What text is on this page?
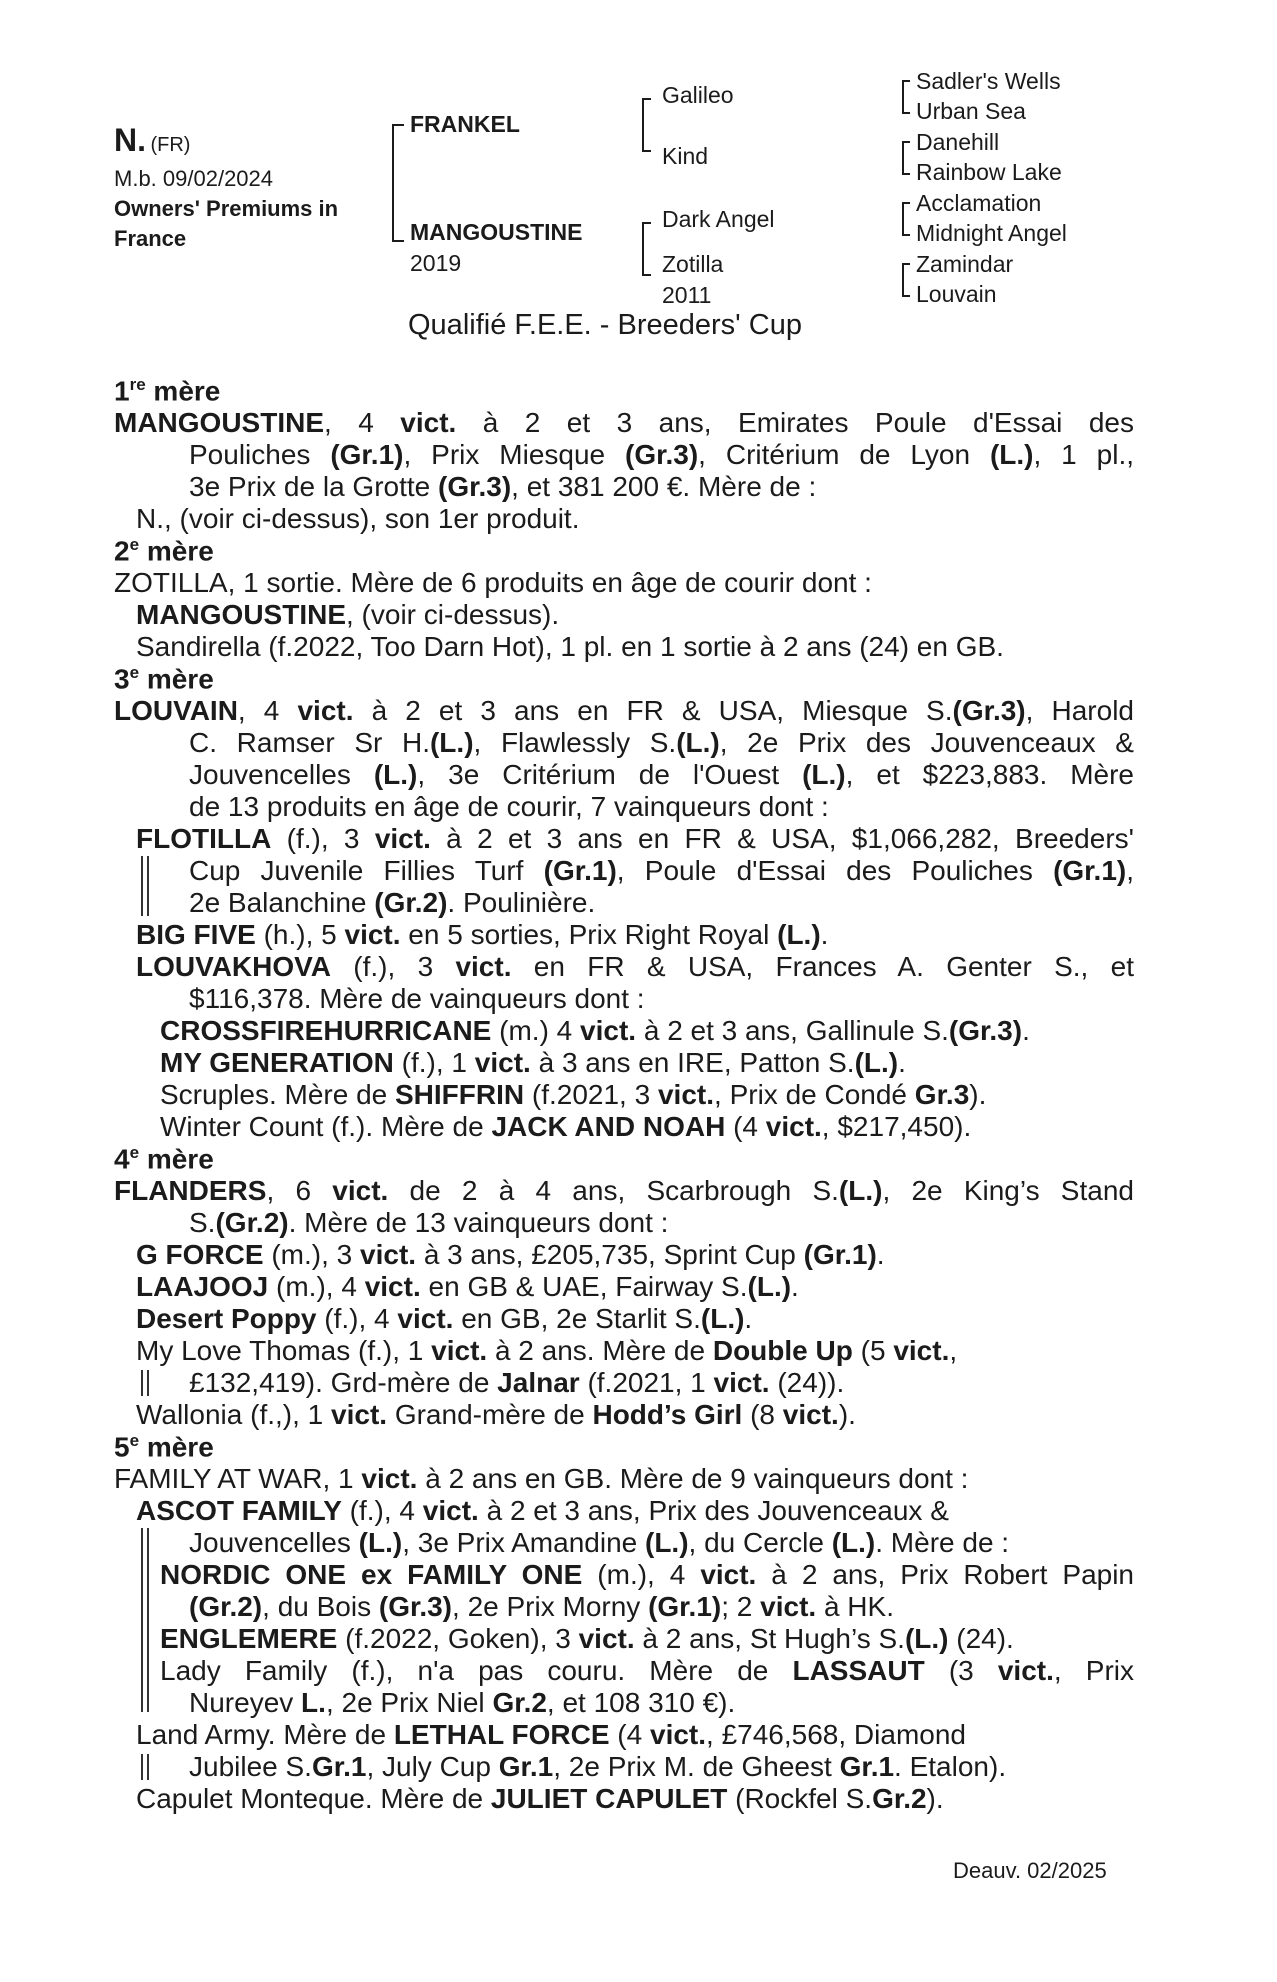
N. (FR)
M.b. 09/02/2024
Owners' Premiums in
France
FRANKEL
MANGOUSTINE
2019
Galileo
Kind
Dark Angel
Zotilla
2011
Sadler's Wells
Urban Sea
Danehill
Rainbow Lake
Acclamation
Midnight Angel
Zamindar
Louvain
Qualifié F.E.E. - Breeders' Cup
1re mère
MANGOUSTINE, 4 vict. à 2 et 3 ans, Emirates Poule d'Essai des
Pouliches (Gr.1), Prix Miesque (Gr.3), Critérium de Lyon (L.), 1 pl.,
3e Prix de la Grotte (Gr.3), et 381 200 €. Mère de :
N., (voir ci-dessus), son 1er produit.
2e mère
ZOTILLA, 1 sortie. Mère de 6 produits en âge de courir dont :
MANGOUSTINE, (voir ci-dessus).
Sandirella (f.2022, Too Darn Hot), 1 pl. en 1 sortie à 2 ans (24) en GB.
3e mère
LOUVAIN, 4 vict. à 2 et 3 ans en FR & USA, Miesque S.(Gr.3), Harold
C. Ramser Sr H.(L.), Flawlessly S.(L.), 2e Prix des Jouvenceaux &
Jouvencelles (L.), 3e Critérium de l'Ouest (L.), et $223,883. Mère
de 13 produits en âge de courir, 7 vainqueurs dont :
FLOTILLA (f.), 3 vict. à 2 et 3 ans en FR & USA, $1,066,282, Breeders'
Cup Juvenile Fillies Turf (Gr.1), Poule d'Essai des Pouliches (Gr.1),
2e Balanchine (Gr.2). Poulinière.
BIG FIVE (h.), 5 vict. en 5 sorties, Prix Right Royal (L.).
LOUVAKHOVA (f.), 3 vict. en FR & USA, Frances A. Genter S., et
$116,378. Mère de vainqueurs dont :
CROSSFIREHURRICANE (m.) 4 vict. à 2 et 3 ans, Gallinule S.(Gr.3).
MY GENERATION (f.), 1 vict. à 3 ans en IRE, Patton S.(L.).
Scruples. Mère de SHIFFRIN (f.2021, 3 vict., Prix de Condé Gr.3).
Winter Count (f.). Mère de JACK AND NOAH (4 vict., $217,450).
4e mère
FLANDERS, 6 vict. de 2 à 4 ans, Scarbrough S.(L.), 2e King’s Stand
S.(Gr.2). Mère de 13 vainqueurs dont :
G FORCE (m.), 3 vict. à 3 ans, £205,735, Sprint Cup (Gr.1).
LAAJOOJ (m.), 4 vict. en GB & UAE, Fairway S.(L.).
Desert Poppy (f.), 4 vict. en GB, 2e Starlit S.(L.).
My Love Thomas (f.), 1 vict. à 2 ans. Mère de Double Up (5 vict.,
£132,419). Grd-mère de Jalnar (f.2021, 1 vict. (24)).
Wallonia (f.,), 1 vict. Grand-mère de Hodd’s Girl (8 vict.).
5e mère
FAMILY AT WAR, 1 vict. à 2 ans en GB. Mère de 9 vainqueurs dont :
ASCOT FAMILY (f.), 4 vict. à 2 et 3 ans, Prix des Jouvenceaux &
Jouvencelles (L.), 3e Prix Amandine (L.), du Cercle (L.). Mère de :
NORDIC ONE ex FAMILY ONE (m.), 4 vict. à 2 ans, Prix Robert Papin
(Gr.2), du Bois (Gr.3), 2e Prix Morny (Gr.1); 2 vict. à HK.
ENGLEMERE (f.2022, Goken), 3 vict. à 2 ans, St Hugh’s S.(L.) (24).
Lady Family (f.), n'a pas couru. Mère de LASSAUT (3 vict., Prix
Nureyev L., 2e Prix Niel Gr.2, et 108 310 €).
Land Army. Mère de LETHAL FORCE (4 vict., £746,568, Diamond
Jubilee S.Gr.1, July Cup Gr.1, 2e Prix M. de Gheest Gr.1. Etalon).
Capulet Monteque. Mère de JULIET CAPULET (Rockfel S.Gr.2).
Deauv. 02/2025
